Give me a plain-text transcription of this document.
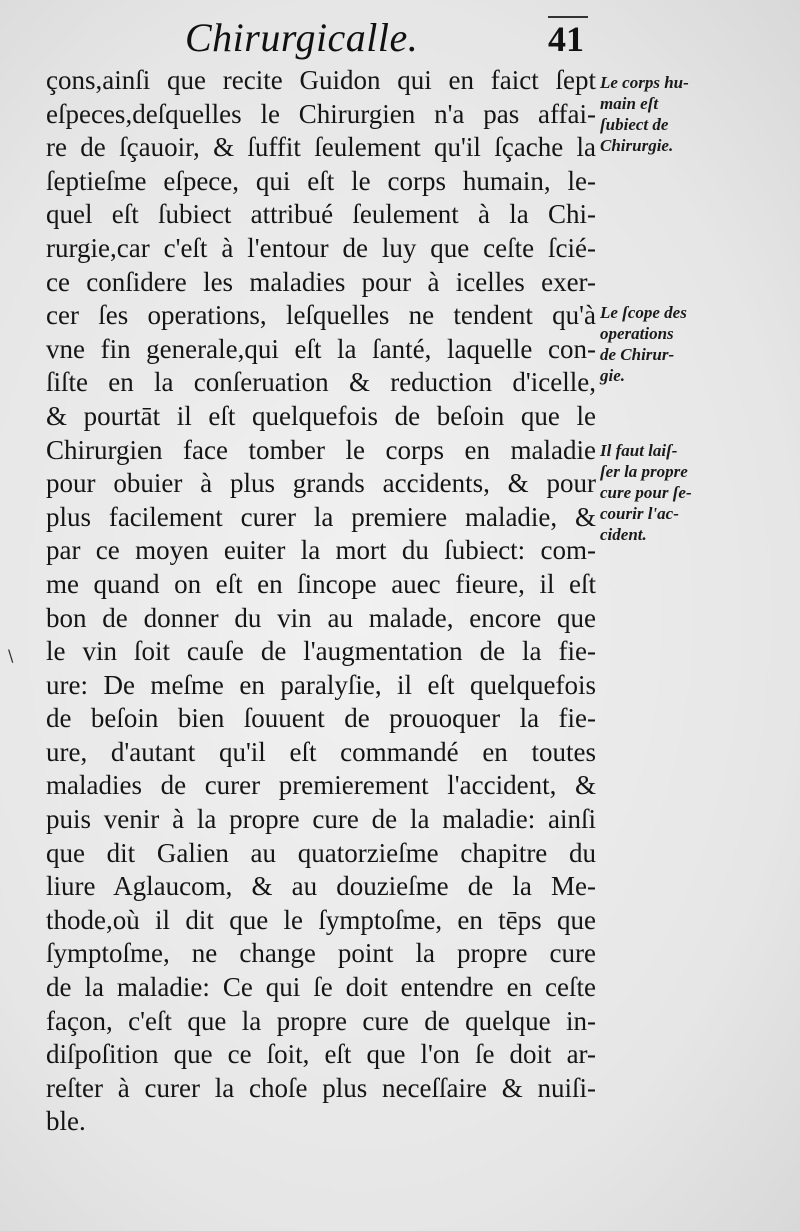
Chirurgicalle.	41
çons,ainſi que recite Guidon qui en faict ſept
eſpeces,deſquelles le Chirurgien n'a pas affai-
re de ſçauoir, & ſuffit ſeulement qu'il ſçache la
ſeptieſme eſpece, qui eſt le corps humain, le-
quel eſt ſubiect attribué ſeulement à la Chi-
rurgie,car c'eſt à l'entour de luy que ceſte ſcié-
ce conſidere les maladies pour à icelles exer-
cer ſes operations, leſquelles ne tendent qu'à
vne fin generale,qui eſt la ſanté, laquelle con-
ſiſte en la conſeruation & reduction d'icelle,
& pourtāt il eſt quelquefois de beſoin que le
Chirurgien face tomber le corps en maladie
pour obuier à plus grands accidents, & pour
plus facilement curer la premiere maladie, &
par ce moyen euiter la mort du ſubiect: com-
me quand on eſt en ſincope auec fieure, il eſt
bon de donner du vin au malade, encore que
le vin ſoit cauſe de l'augmentation de la fie-
ure: De meſme en paralyſie, il eſt quelquefois
de beſoin bien ſouuent de prouoquer la fie-
ure, d'autant qu'il eſt commandé en toutes
maladies de curer premierement l'accident, &
puis venir à la propre cure de la maladie: ainſi
que dit Galien au quatorzieſme chapitre du
liure Aglaucom, & au douzieſme de la Me-
thode,où il dit que le ſymptoſme, en tēps que
ſymptoſme, ne change point la propre cure
de la maladie: Ce qui ſe doit entendre en ceſte
façon, c'eſt que la propre cure de quelque in-
diſpoſition que ce ſoit, eſt que l'on ſe doit ar-
reſter à curer la choſe plus neceſſaire & nuiſi-
ble.
Le corps hu-
main eſt
ſubiect de
Chirurgie.
Le ſcope des
operations
de Chirur-
gie.
Il faut laiſ-
ſer la propre
cure pour ſe-
courir l'ac-
cident.
\
